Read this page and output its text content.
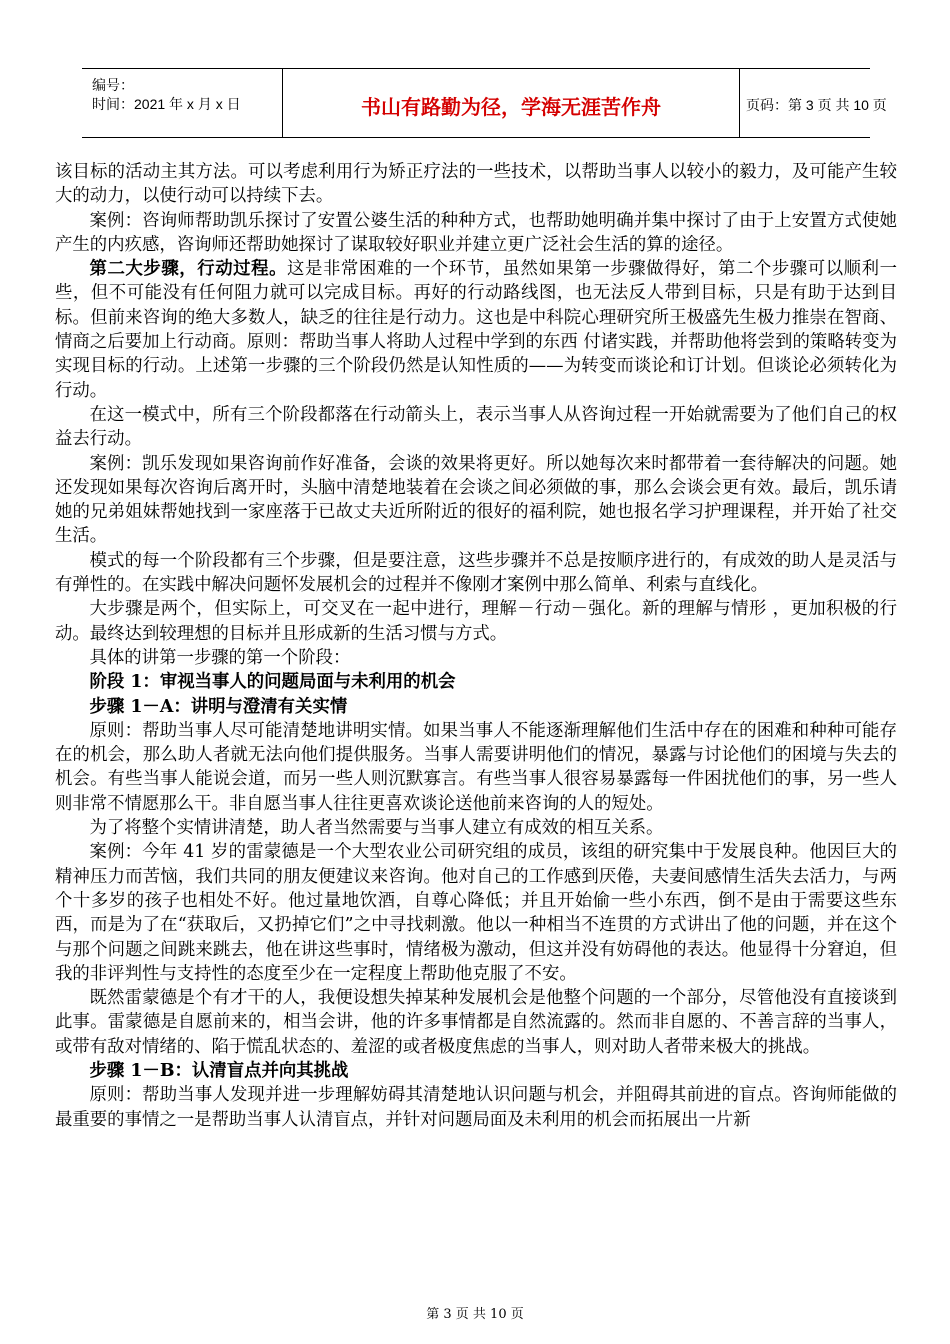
编号：
时间：2021 年 x 月 x 日	书山有路勤为径，学海无涯苦作舟	页码：第 3 页 共 10 页

该目标的活动主其方法。可以考虑利用行为矫正疗法的一些技术，以帮助当事人以较小的毅力，及可能产生较大的动力，以使行动可以持续下去。

案例：咨询师帮助凯乐探讨了安置公婆生活的种种方式，也帮助她明确并集中探讨了由于上安置方式使她产生的内疚感，咨询师还帮助她探讨了谋取较好职业并建立更广泛社会生活的算的途径。

第二大步骤，行动过程。这是非常困难的一个环节，虽然如果第一步骤做得好，第二个步骤可以顺利一些，但不可能没有任何阻力就可以完成目标。再好的行动路线图，也无法反人带到目标，只是有助于达到目标。但前来咨询的绝大多数人，缺乏的往往是行动力。这也是中科院心理研究所王极盛先生极力推崇在智商、情商之后要加上行动商。原则：帮助当事人将助人过程中学到的东西 付诸实践，并帮助他将尝到的策略转变为实现目标的行动。上述第一步骤的三个阶段仍然是认知性质的——为转变而谈论和订计划。但谈论必须转化为行动。

在这一模式中，所有三个阶段都落在行动箭头上，表示当事人从咨询过程一开始就需要为了他们自己的权益去行动。

案例：凯乐发现如果咨询前作好准备，会谈的效果将更好。所以她每次来时都带着一套待解决的问题。她还发现如果每次咨询后离开时，头脑中清楚地装着在会谈之间必须做的事，那么会谈会更有效。最后，凯乐请她的兄弟姐妹帮她找到一家座落于已故丈夫近所附近的很好的福利院，她也报名学习护理课程，并开始了社交生活。

模式的每一个阶段都有三个步骤，但是要注意，这些步骤并不总是按顺序进行的，有成效的助人是灵活与有弹性的。在实践中解决问题怀发展机会的过程并不像刚才案例中那么简单、利索与直线化。

大步骤是两个，但实际上，可交叉在一起中进行，理解－行动－强化。新的理解与情形 ，更加积极的行动。最终达到较理想的目标并且形成新的生活习惯与方式。

具体的讲第一步骤的第一个阶段：

阶段 1：审视当事人的问题局面与未利用的机会

步骤 1－A：讲明与澄清有关实情

原则：帮助当事人尽可能清楚地讲明实情。如果当事人不能逐渐理解他们生活中存在的困难和种种可能存在的机会，那么助人者就无法向他们提供服务。当事人需要讲明他们的情况，暴露与讨论他们的困境与失去的机会。有些当事人能说会道，而另一些人则沉默寡言。有些当事人很容易暴露每一件困扰他们的事，另一些人则非常不情愿那么干。非自愿当事人往往更喜欢谈论送他前来咨询的人的短处。

为了将整个实情讲清楚，助人者当然需要与当事人建立有成效的相互关系。

案例：今年 41 岁的雷蒙德是一个大型农业公司研究组的成员，该组的研究集中于发展良种。他因巨大的精神压力而苦恼，我们共同的朋友便建议来咨询。他对自己的工作感到厌倦，夫妻间感情生活失去活力，与两个十多岁的孩子也相处不好。他过量地饮酒，自尊心降低；并且开始偷一些小东西，倒不是由于需要这些东西，而是为了在“获取后，又扔掉它们”之中寻找刺激。他以一种相当不连贯的方式讲出了他的问题，并在这个与那个问题之间跳来跳去，他在讲这些事时，情绪极为激动，但这并没有妨碍他的表达。他显得十分窘迫，但我的非评判性与支持性的态度至少在一定程度上帮助他克服了不安。

既然雷蒙德是个有才干的人，我便设想失掉某种发展机会是他整个问题的一个部分，尽管他没有直接谈到此事。雷蒙德是自愿前来的，相当会讲，他的许多事情都是自然流露的。然而非自愿的、不善言辞的当事人，或带有敌对情绪的、陷于慌乱状态的、羞涩的或者极度焦虑的当事人，则对助人者带来极大的挑战。

步骤 1－B：认清盲点并向其挑战

原则：帮助当事人发现并进一步理解妨碍其清楚地认识问题与机会，并阻碍其前进的盲点。咨询师能做的最重要的事情之一是帮助当事人认清盲点，并针对问题局面及未利用的机会而拓展出一片新

第 3 页 共 10 页
